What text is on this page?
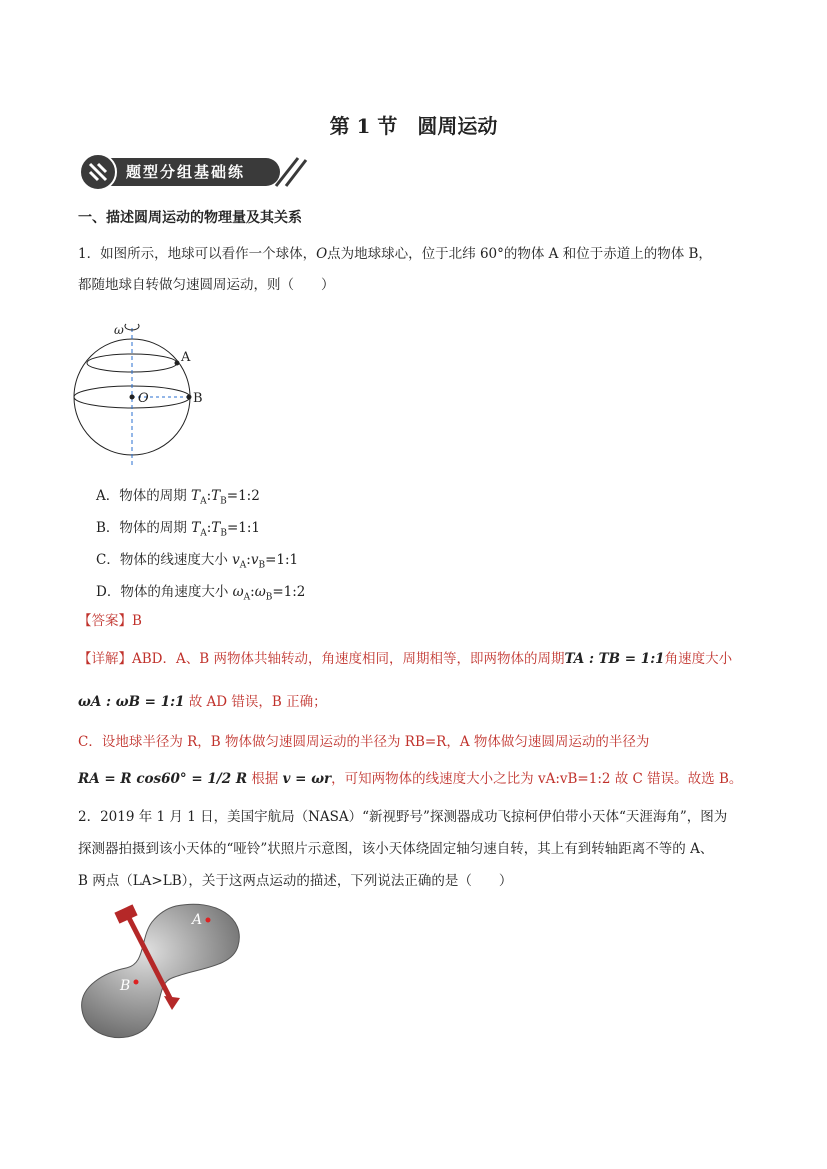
第 1 节　圆周运动
题型分组基础练
一、描述圆周运动的物理量及其关系
1．如图所示，地球可以看作一个球体，O点为地球球心，位于北纬 60°的物体 A 和位于赤道上的物体 B，
都随地球自转做匀速圆周运动，则（　　）
ω
A
B
O
A．物体的周期 $T_A:T_B=1:2$
B．物体的周期 $T_A:T_B=1:1$
C．物体的线速度大小 $v_A:v_B=1:1$
D．物体的角速度大小 $\omega_A:\omega_B=1:2$
【答案】B
【详解】ABD．A、B 两物体共轴转动，角速度相同，周期相等，即两物体的周期TA : TB = 1:1角速度大小
ωA : ωB = 1:1 故 AD 错误，B 正确；
C．设地球半径为 R，B 物体做匀速圆周运动的半径为 RB=R，A 物体做匀速圆周运动的半径为
RA = R cos60° = 1/2 R 根据 v = ωr，可知两物体的线速度大小之比为 vA:vB=1:2 故 C 错误。故选 B。
2．2019 年 1 月 1 日，美国宇航局（NASA）“新视野号”探测器成功飞掠柯伊伯带小天体“天涯海角”，图为
探测器拍摄到该小天体的“哑铃”状照片示意图，该小天体绕固定轴匀速自转，其上有到转轴距离不等的 A、
B 两点（LA>LB），关于这两点运动的描述，下列说法正确的是（　　）
A
B
